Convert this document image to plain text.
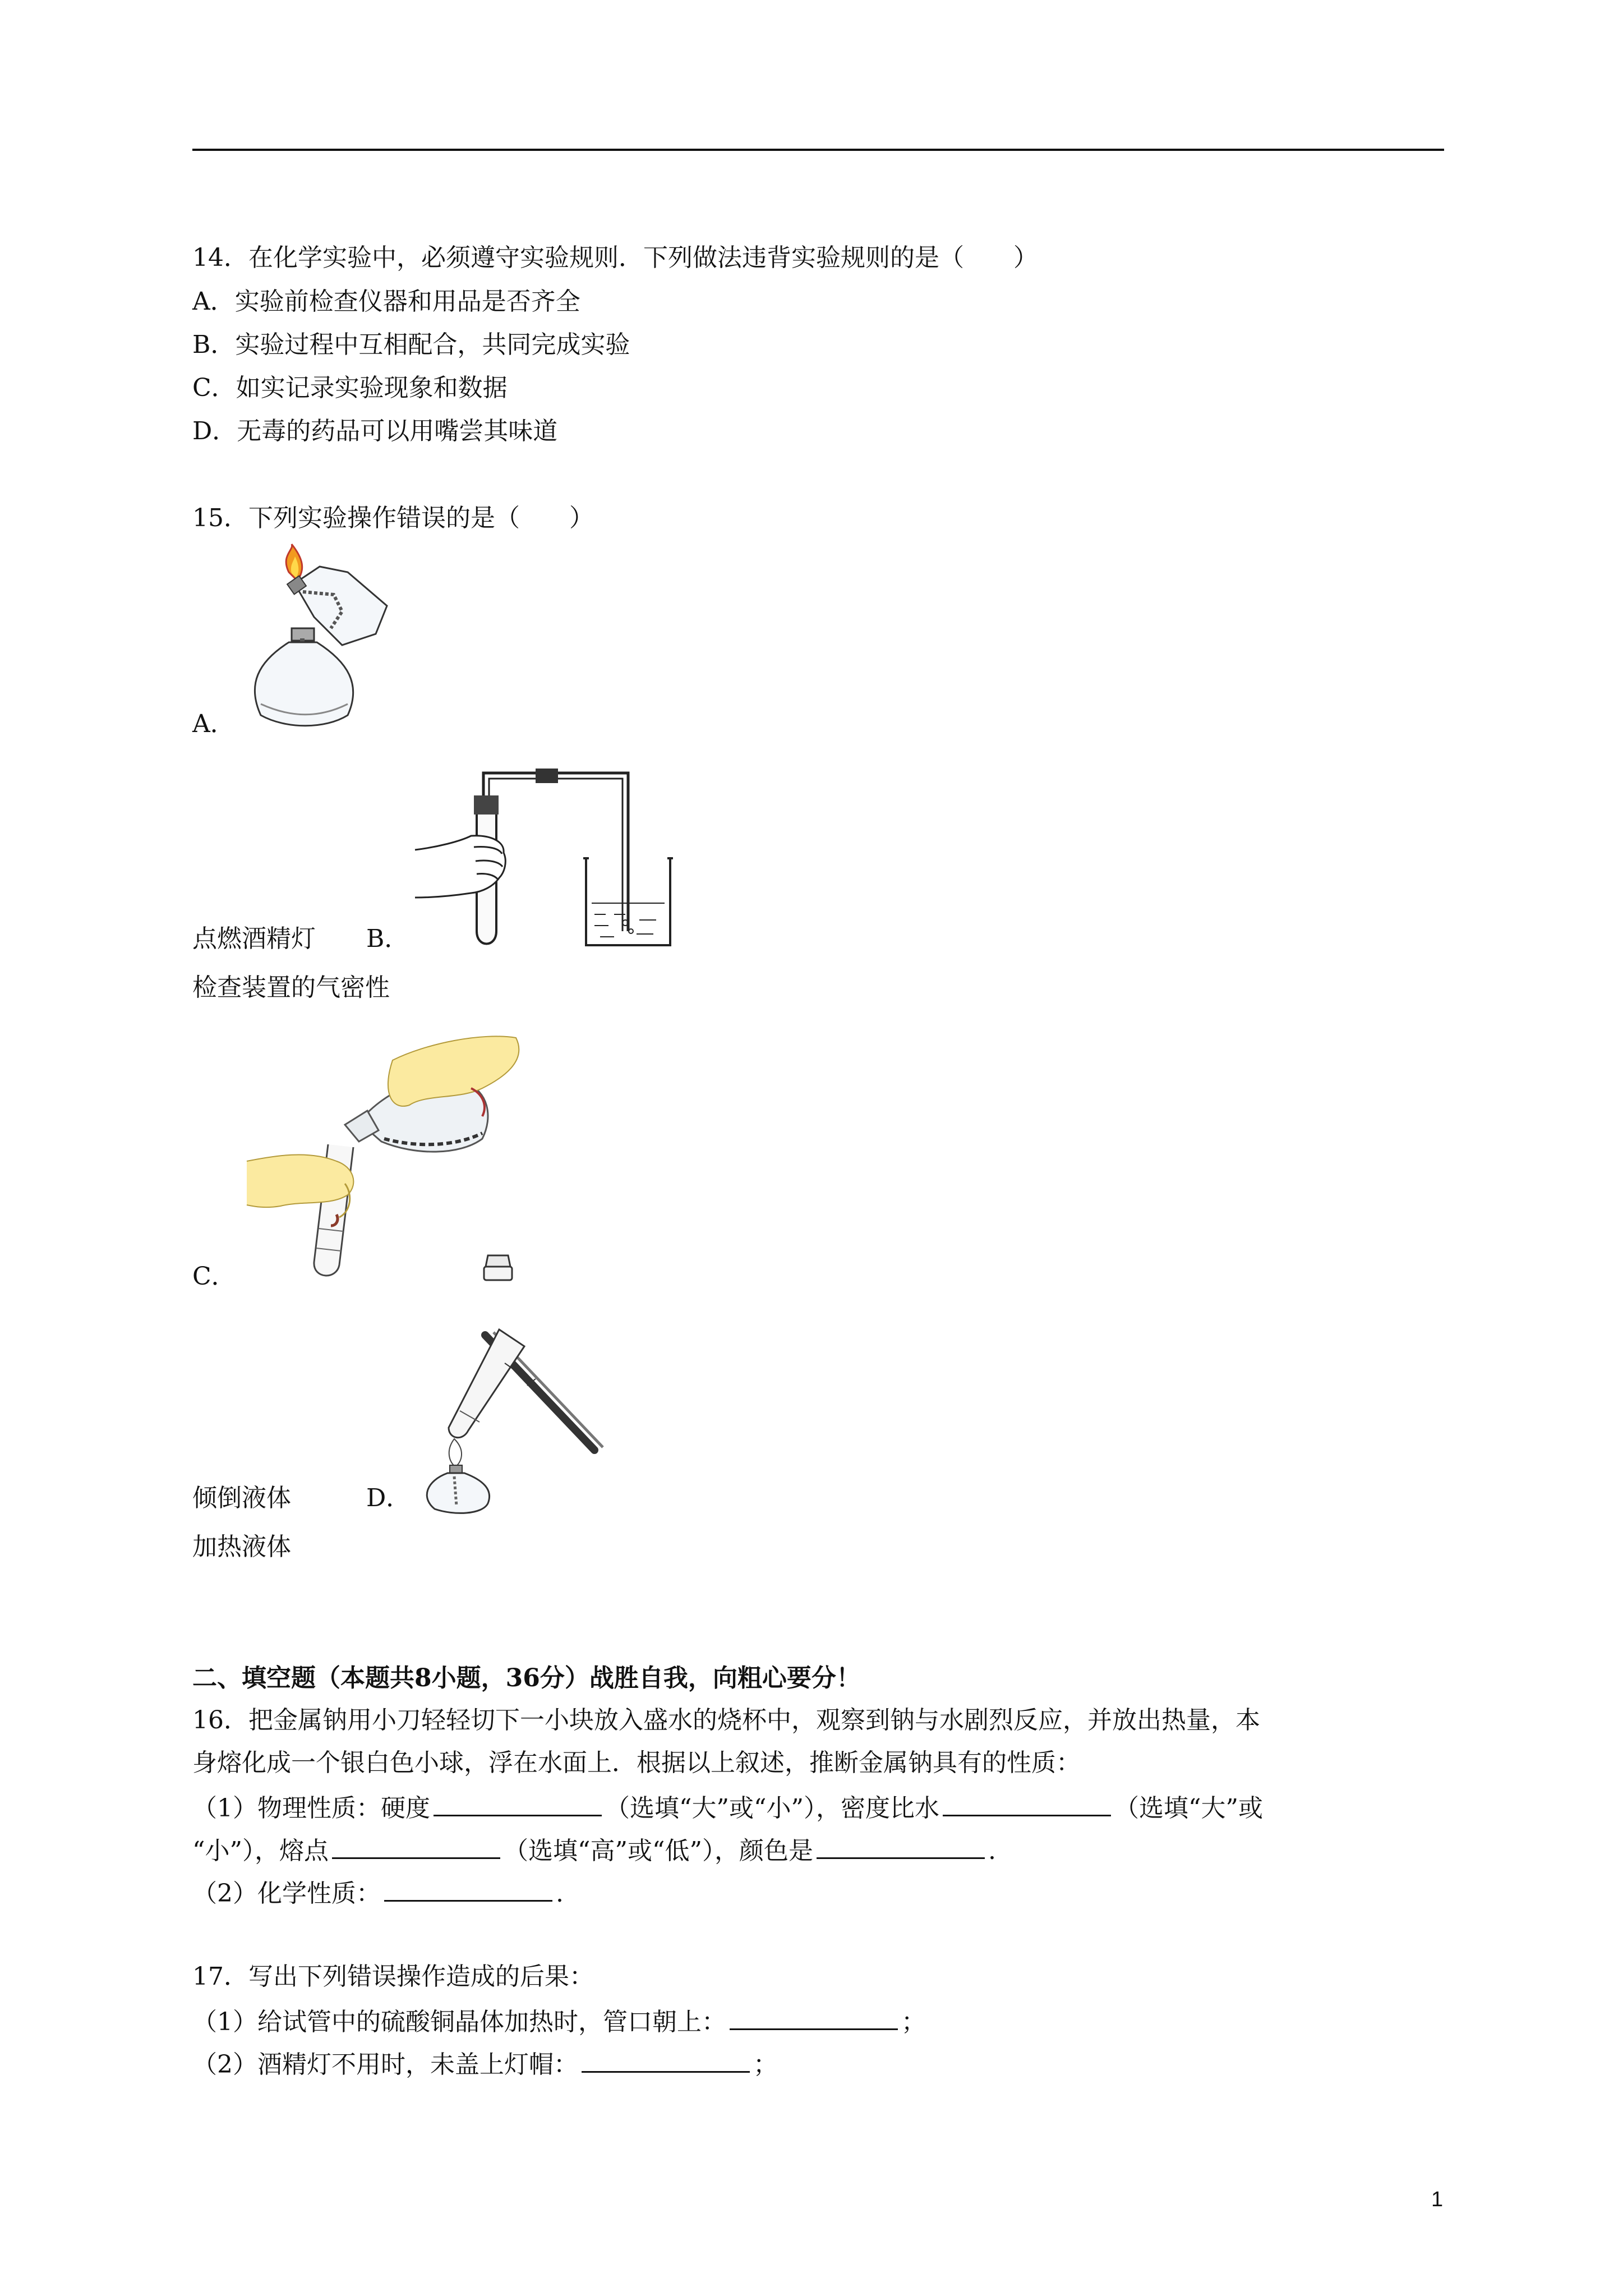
14．在化学实验中，必须遵守实验规则．下列做法违背实验规则的是（　　）
A．实验前检查仪器和用品是否齐全
B．实验过程中互相配合，共同完成实验
C．如实记录实验现象和数据
D．无毒的药品可以用嘴尝其味道
15．下列实验操作错误的是（　　）
A．
点燃酒精灯 B．
检查装置的气密性
C．
倾倒液体	D．
加热液体
二、填空题（本题共8小题，36分）战胜自我，向粗心要分！
16．把金属钠用小刀轻轻切下一小块放入盛水的烧杯中，观察到钠与水剧烈反应，并放出热量，本
身熔化成一个银白色小球，浮在水面上．根据以上叙述，推断金属钠具有的性质：
（1）物理性质：硬度	（选填“大”或“小”），密度比水	（选填“大”或
“小”），熔点	（选填“高”或“低”），颜色是	.
（2）化学性质：	.
17．写出下列错误操作造成的后果：
（1）给试管中的硫酸铜晶体加热时，管口朝上：	；
（2）酒精灯不用时，未盖上灯帽：	；
1
